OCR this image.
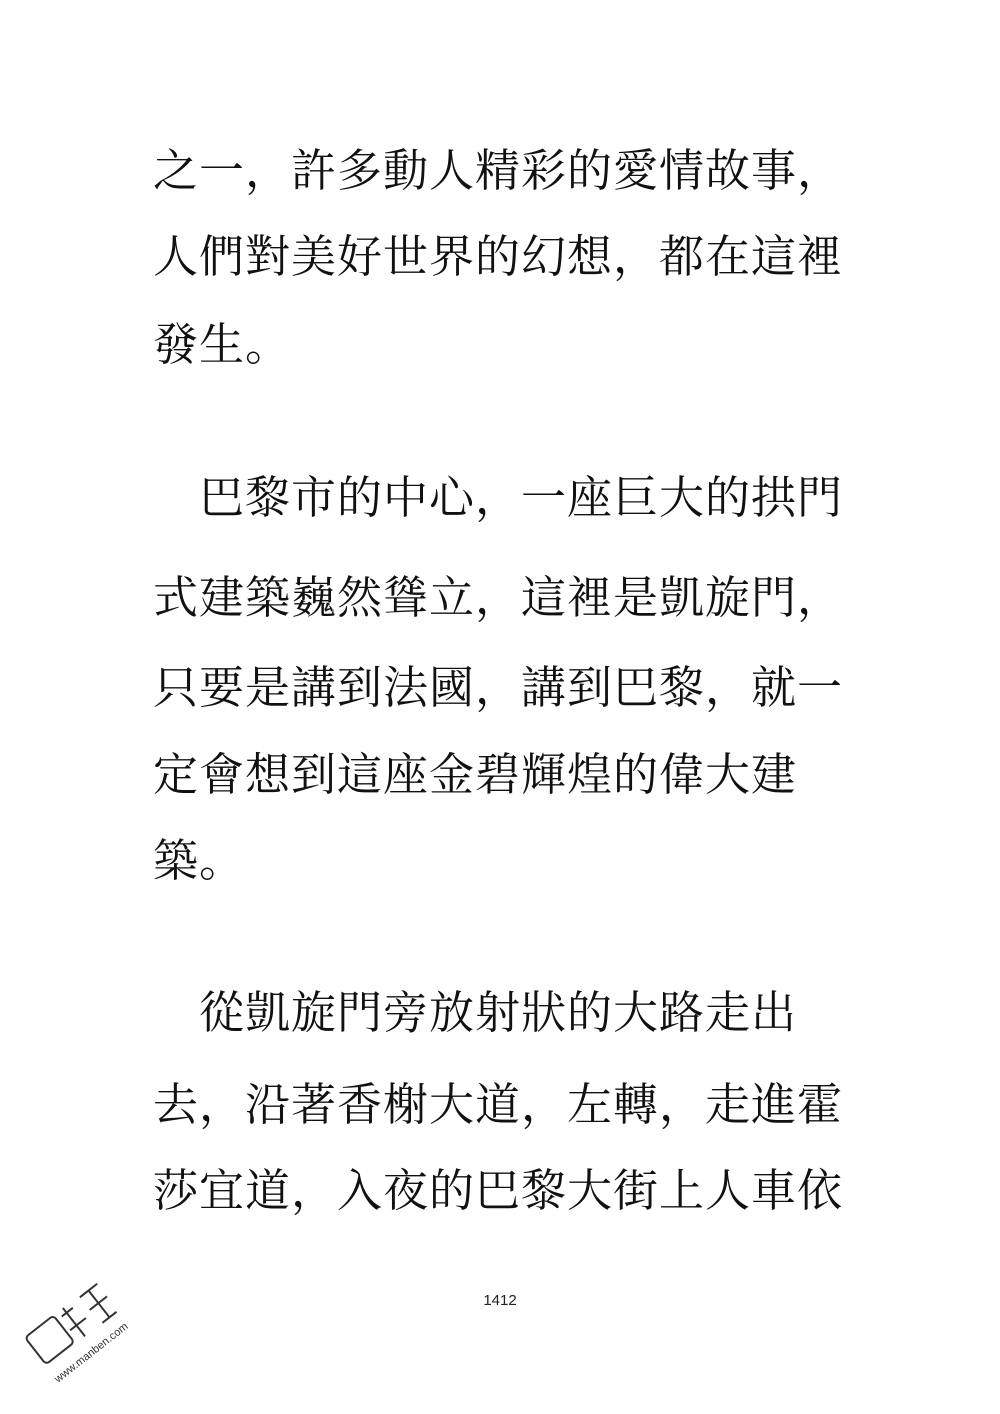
之一，許多動人精彩的愛情故事，
人們對美好世界的幻想，都在這裡
發生。
　巴黎市的中心，一座巨大的拱門
式建築巍然聳立，這裡是凱旋門，
只要是講到法國，講到巴黎，就一
定會想到這座金碧輝煌的偉大建
築。
　從凱旋門旁放射狀的大路走出
去，沿著香榭大道，左轉，走進霍
莎宜道，入夜的巴黎大街上人車依
1412
www.manben.com
